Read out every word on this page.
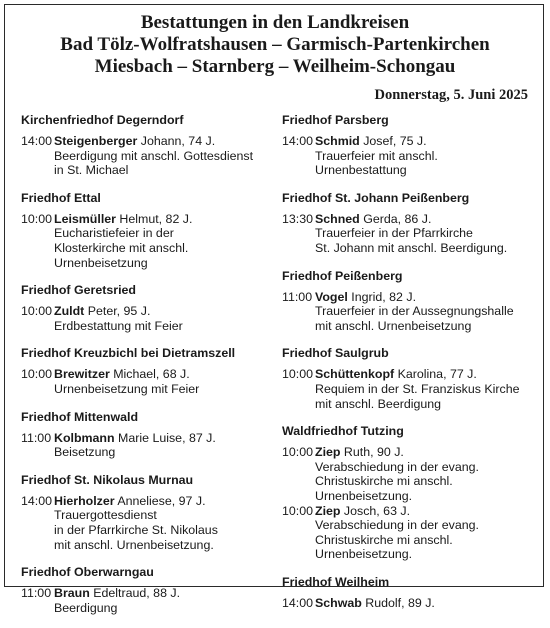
Bestattungen in den Landkreisen
Bad Tölz-Wolfratshausen – Garmisch-Partenkirchen
Miesbach – Starnberg – Weilheim-Schongau
Donnerstag, 5. Juni 2025
Kirchenfriedhof Degerndorf
14:00 Steigenberger Johann, 74 J.
Beerdigung mit anschl. Gottesdienst
in St. Michael
Friedhof Ettal
10:00 Leismüller Helmut, 82 J.
Eucharistiefeier in der
Klosterkirche mit anschl.
Urnenbeisetzung
Friedhof Geretsried
10:00 Zuldt Peter, 95 J.
Erdbestattung mit Feier
Friedhof Kreuzbichl bei Dietramszell
10:00 Brewitzer Michael, 68 J.
Urnenbeisetzung mit Feier
Friedhof Mittenwald
11:00 Kolbmann Marie Luise, 87 J.
Beisetzung
Friedhof St. Nikolaus Murnau
14:00 Hierholzer Anneliese, 97 J.
Trauergottesdienst
in der Pfarrkirche St. Nikolaus
mit anschl. Urnenbeisetzung.
Friedhof Oberwarngau
11:00 Braun Edeltraud, 88 J.
Beerdigung
Friedhof Parsberg
14:00 Schmid Josef, 75 J.
Trauerfeier mit anschl.
Urnenbestattung
Friedhof St. Johann Peißenberg
13:30 Schned Gerda, 86 J.
Trauerfeier in der Pfarrkirche
St. Johann mit anschl. Beerdigung.
Friedhof Peißenberg
11:00 Vogel Ingrid, 82 J.
Trauerfeier in der Aussegnungshalle
mit anschl. Urnenbeisetzung
Friedhof Saulgrub
10:00 Schüttenkopf Karolina, 77 J.
Requiem in der St. Franziskus Kirche
mit anschl. Beerdigung
Waldfriedhof Tutzing
10:00 Ziep Ruth, 90 J.
Verabschiedung in der evang.
Christuskirche mi anschl.
Urnenbeisetzung.
10:00 Ziep Josch, 63 J.
Verabschiedung in der evang.
Christuskirche mi anschl.
Urnenbeisetzung.
Friedhof Weilheim
14:00 Schwab Rudolf, 89 J.
